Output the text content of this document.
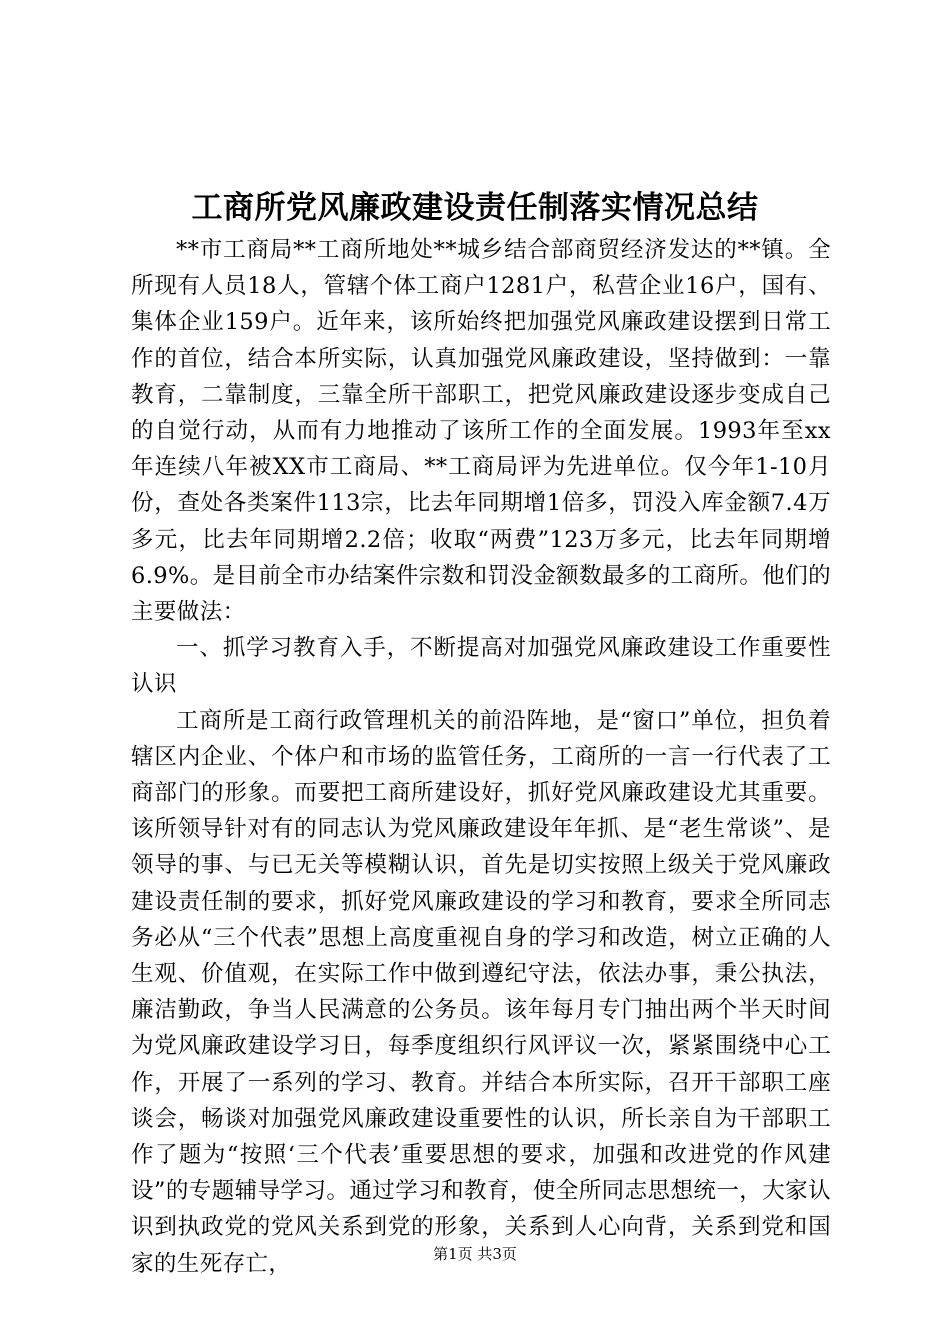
工商所党风廉政建设责任制落实情况总结

**市工商局**工商所地处**城乡结合部商贸经济发达的**镇。全所现有人员18人，管辖个体工商户1281户，私营企业16户，国有、集体企业159户。近年来，该所始终把加强党风廉政建设摆到日常工作的首位，结合本所实际，认真加强党风廉政建设，坚持做到：一靠教育，二靠制度，三靠全所干部职工，把党风廉政建设逐步变成自己的自觉行动，从而有力地推动了该所工作的全面发展。1993年至xx年连续八年被XX市工商局、**工商局评为先进单位。仅今年1-10月份，查处各类案件113宗，比去年同期增1倍多，罚没入库金额7.4万多元，比去年同期增2.2倍；收取“两费”123万多元，比去年同期增6.9%。是目前全市办结案件宗数和罚没金额数最多的工商所。他们的主要做法：

一、抓学习教育入手，不断提高对加强党风廉政建设工作重要性认识

工商所是工商行政管理机关的前沿阵地，是“窗口”单位，担负着辖区内企业、个体户和市场的监管任务，工商所的一言一行代表了工商部门的形象。而要把工商所建设好，抓好党风廉政建设尤其重要。该所领导针对有的同志认为党风廉政建设年年抓、是“老生常谈”、是领导的事、与已无关等模糊认识，首先是切实按照上级关于党风廉政建设责任制的要求，抓好党风廉政建设的学习和教育，要求全所同志务必从“三个代表”思想上高度重视自身的学习和改造，树立正确的人生观、价值观，在实际工作中做到遵纪守法，依法办事，秉公执法，廉洁勤政，争当人民满意的公务员。该年每月专门抽出两个半天时间为党风廉政建设学习日，每季度组织行风评议一次，紧紧围绕中心工作，开展了一系列的学习、教育。并结合本所实际，召开干部职工座谈会，畅谈对加强党风廉政建设重要性的认识，所长亲自为干部职工作了题为“按照‘三个代表’重要思想的要求，加强和改进党的作风建设”的专题辅导学习。通过学习和教育，使全所同志思想统一，大家认识到执政党的党风关系到党的形象，关系到人心向背，关系到党和国家的生死存亡，	第1页 共3页
